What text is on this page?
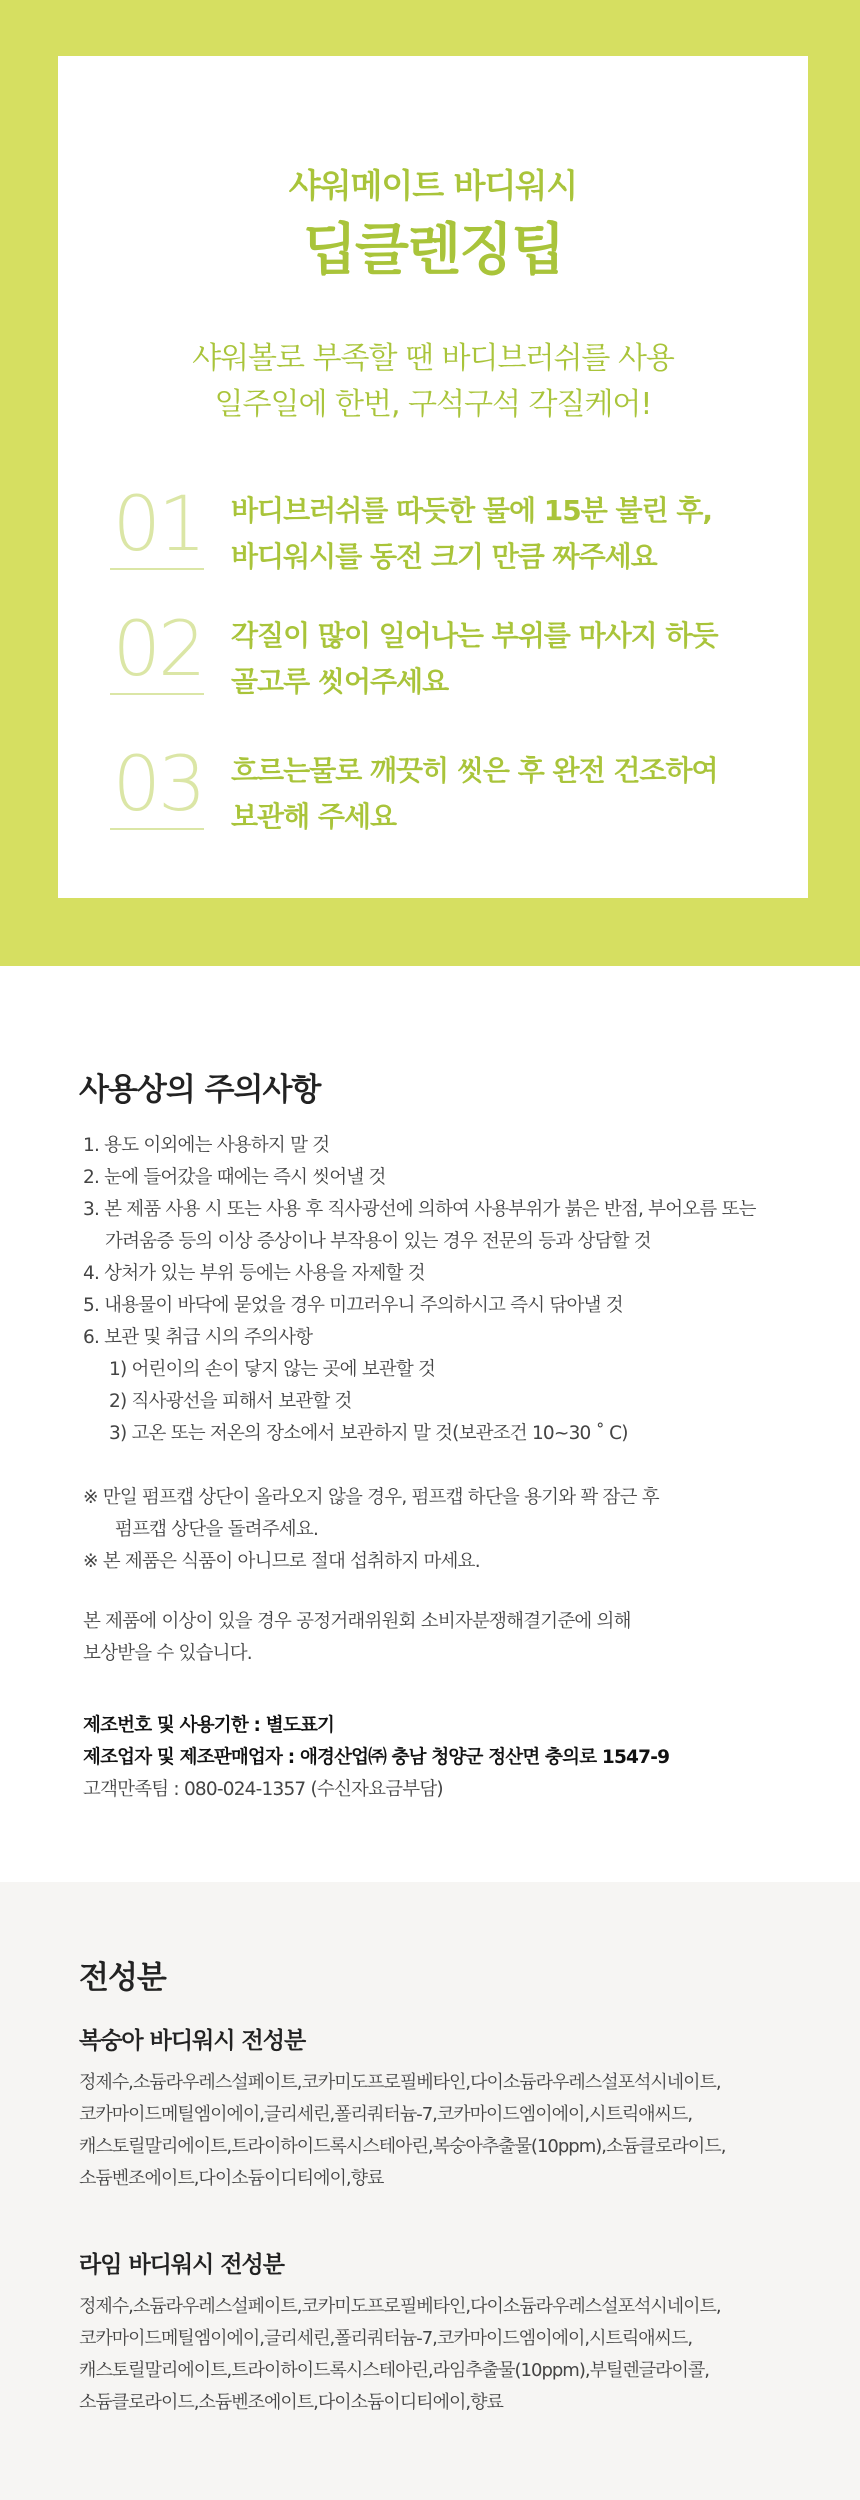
샤워메이트 바디워시
딥클렌징팁
샤워볼로 부족할 땐 바디브러쉬를 사용
일주일에 한번, 구석구석 각질케어!
01 바디브러쉬를 따듯한 물에 15분 불린 후,
바디워시를 동전 크기 만큼 짜주세요
02 각질이 많이 일어나는 부위를 마사지 하듯
골고루 씻어주세요
03 흐르는물로 깨끗히 씻은 후 완전 건조하여
보관해 주세요
사용상의 주의사항
1. 용도 이외에는 사용하지 말 것
2. 눈에 들어갔을 때에는 즉시 씻어낼 것
3. 본 제품 사용 시 또는 사용 후 직사광선에 의하여 사용부위가 붉은 반점, 부어오름 또는
가려움증 등의 이상 증상이나 부작용이 있는 경우 전문의 등과 상담할 것
4. 상처가 있는 부위 등에는 사용을 자제할 것
5. 내용물이 바닥에 묻었을 경우 미끄러우니 주의하시고 즉시 닦아낼 것
6. 보관 및 취급 시의 주의사항
1) 어린이의 손이 닿지 않는 곳에 보관할 것
2) 직사광선을 피해서 보관할 것
3) 고온 또는 저온의 장소에서 보관하지 말 것(보관조건 10~30 ˚ C)
※ 만일 펌프캡 상단이 올라오지 않을 경우, 펌프캡 하단을 용기와 꽉 잠근 후
펌프캡 상단을 돌려주세요.
※ 본 제품은 식품이 아니므로 절대 섭취하지 마세요.
본 제품에 이상이 있을 경우 공정거래위원회 소비자분쟁해결기준에 의해
보상받을 수 있습니다.
제조번호 및 사용기한 : 별도표기
제조업자 및 제조판매업자 : 애경산업㈜ 충남 청양군 정산면 충의로 1547-9
고객만족팀 : 080-024-1357 (수신자요금부담)
전성분
복숭아 바디워시 전성분
정제수,소듐라우레스설페이트,코카미도프로필베타인,다이소듐라우레스설포석시네이트,
코카마이드메틸엠이에이,글리세린,폴리쿼터늄-7,코카마이드엠이에이,시트릭애씨드,
캐스토릴말리에이트,트라이하이드록시스테아린,복숭아추출물(10ppm),소듐클로라이드,
소듐벤조에이트,다이소듐이디티에이,향료
라임 바디워시 전성분
정제수,소듐라우레스설페이트,코카미도프로필베타인,다이소듐라우레스설포석시네이트,
코카마이드메틸엠이에이,글리세린,폴리쿼터늄-7,코카마이드엠이에이,시트릭애씨드,
캐스토릴말리에이트,트라이하이드록시스테아린,라임추출물(10ppm),부틸렌글라이콜,
소듐클로라이드,소듐벤조에이트,다이소듐이디티에이,향료
